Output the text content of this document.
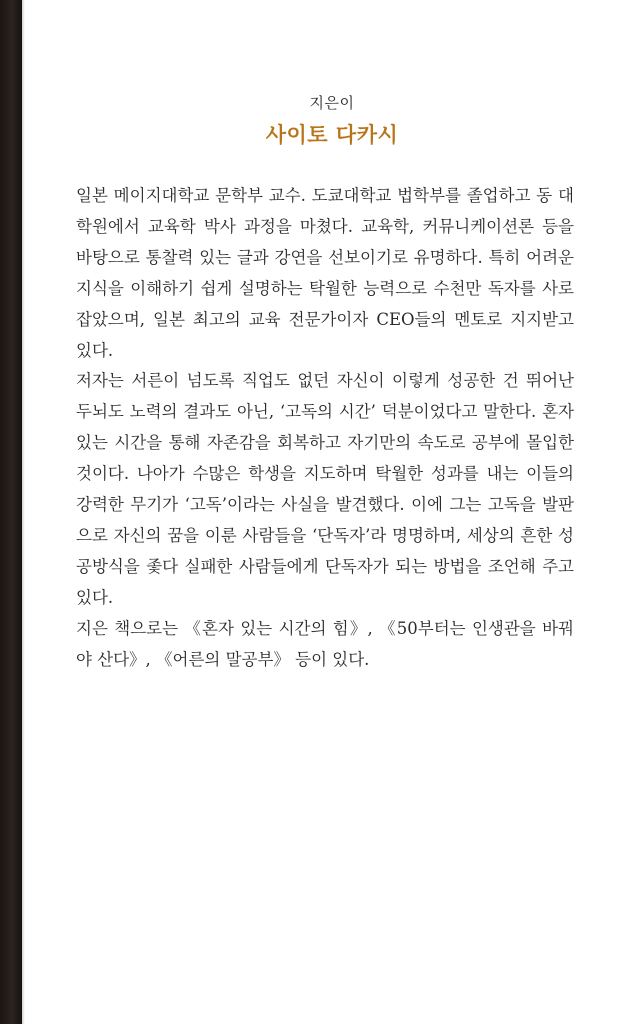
지은이
사이토 다카시

일본 메이지대학교 문학부 교수. 도쿄대학교 법학부를 졸업하고 동 대학원에서 교육학 박사 과정을 마쳤다. 교육학, 커뮤니케이션론 등을 바탕으로 통찰력 있는 글과 강연을 선보이기로 유명하다. 특히 어려운 지식을 이해하기 쉽게 설명하는 탁월한 능력으로 수천만 독자를 사로잡았으며, 일본 최고의 교육 전문가이자 CEO들의 멘토로 지지받고 있다.

저자는 서른이 넘도록 직업도 없던 자신이 이렇게 성공한 건 뛰어난 두뇌도 노력의 결과도 아닌, ‘고독의 시간’ 덕분이었다고 말한다. 혼자 있는 시간을 통해 자존감을 회복하고 자기만의 속도로 공부에 몰입한 것이다. 나아가 수많은 학생을 지도하며 탁월한 성과를 내는 이들의 강력한 무기가 ‘고독’이라는 사실을 발견했다. 이에 그는 고독을 발판으로 자신의 꿈을 이룬 사람들을 ‘단독자’라 명명하며, 세상의 흔한 성공방식을 좇다 실패한 사람들에게 단독자가 되는 방법을 조언해 주고 있다.

지은 책으로는 《혼자 있는 시간의 힘》, 《50부터는 인생관을 바꿔야 산다》, 《어른의 말공부》 등이 있다.
